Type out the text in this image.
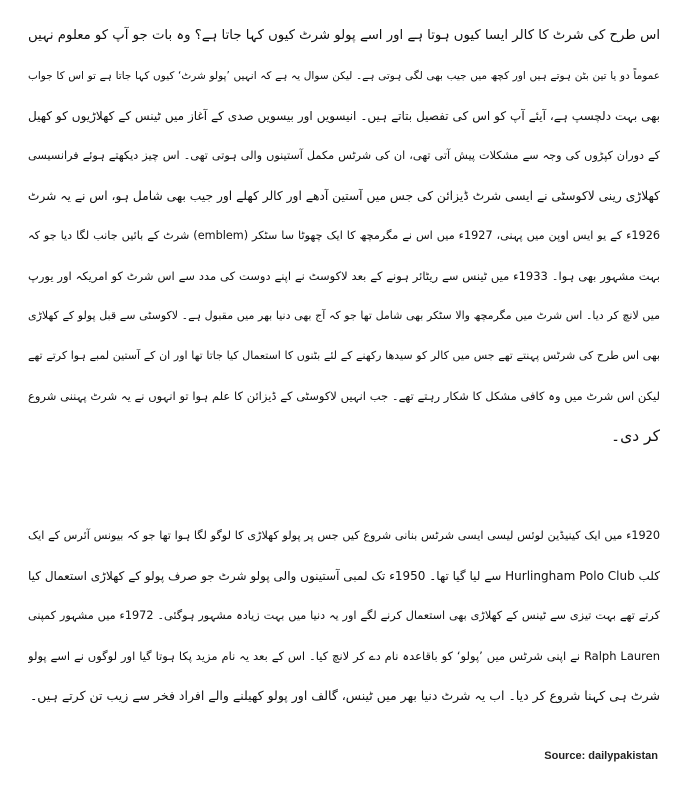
اس طرح کی شرٹ کا کالر ایسا کیوں ہوتا ہے اور اسے پولو شرٹ کیوں کہا جاتا ہے؟ وہ بات جو آپ کو معلوم نہیں
عموماً دو یا تین بٹن ہوتے ہیں اور کچھ میں جیب بھی لگی ہوتی ہے۔ لیکن سوال یہ ہے کہ انہیں ’پولو شرٹ‘ کیوں کہا جاتا ہے تو اس کا جواب
بھی بہت دلچسپ ہے، آیئے آپ کو اس کی تفصیل بتاتے ہیں۔ انیسویں اور بیسویں صدی کے آغاز میں ٹینس کے کھلاڑیوں کو کھیل
کے دوران کپڑوں کی وجہ سے مشکلات پیش آتی تھی، ان کی شرٹس مکمل آستینوں والی ہوتی تھی۔ اس چیز دیکھتے ہوئے فرانسیسی
کھلاڑی رینی لاکوسٹی نے ایسی شرٹ ڈیزائن کی جس میں آستین آدھے اور کالر کھلے اور جیب بھی شامل ہو، اس نے یہ شرٹ
1926ء کے یو ایس اوپن میں پہنی، 1927ء میں اس نے مگرمچھ کا ایک چھوٹا سا سٹکر (emblem) شرٹ کے بائیں جانب لگا دیا جو کہ
بہت مشہور بھی ہوا۔ 1933ء میں ٹینس سے ریٹائر ہونے کے بعد لاکوسٹ نے اپنے دوست کی مدد سے اس شرٹ کو امریکہ اور یورپ
میں لانچ کر دیا۔ اس شرٹ میں مگرمچھ والا سٹکر بھی شامل تھا جو کہ آج بھی دنیا بھر میں مقبول ہے۔ لاکوسٹی سے قبل پولو کے کھلاڑی
بھی اس طرح کی شرٹس پہنتے تھے جس میں کالر کو سیدھا رکھنے کے لئے بٹنوں کا استعمال کیا جاتا تھا اور ان کے آستین لمبے ہوا کرتے تھے
لیکن اس شرٹ میں وہ کافی مشکل کا شکار رہتے تھے۔ جب انہیں لاکوسٹی کے ڈیزائن کا علم ہوا تو انہوں نے یہ شرٹ پہننی شروع
کر دی۔
1920ء میں ایک کینیڈین لوئس لیسی ایسی شرٹس بنانی شروع کیں جس پر پولو کھلاڑی کا لوگو لگا ہوا تھا جو کہ بیونس آئرس کے ایک
کلب Hurlingham Polo Club سے لیا گیا تھا۔ 1950ء تک لمبی آستینوں والی پولو شرٹ جو صرف پولو کے کھلاڑی استعمال کیا
کرتے تھے بہت تیزی سے ٹینس کے کھلاڑی بھی استعمال کرنے لگے اور یہ دنیا میں بہت زیادہ مشہور ہوگئی۔ 1972ء میں مشہور کمپنی
Ralph Lauren نے اپنی شرٹس میں ’پولو‘ کو باقاعدہ نام دے کر لانچ کیا۔ اس کے بعد یہ نام مزید پکا ہوتا گیا اور لوگوں نے اسے پولو
شرٹ ہی کہنا شروع کر دیا۔ اب یہ شرٹ دنیا بھر میں ٹینس، گالف اور پولو کھیلنے والے افراد فخر سے زیب تن کرتے ہیں۔
Source: dailypakistan
